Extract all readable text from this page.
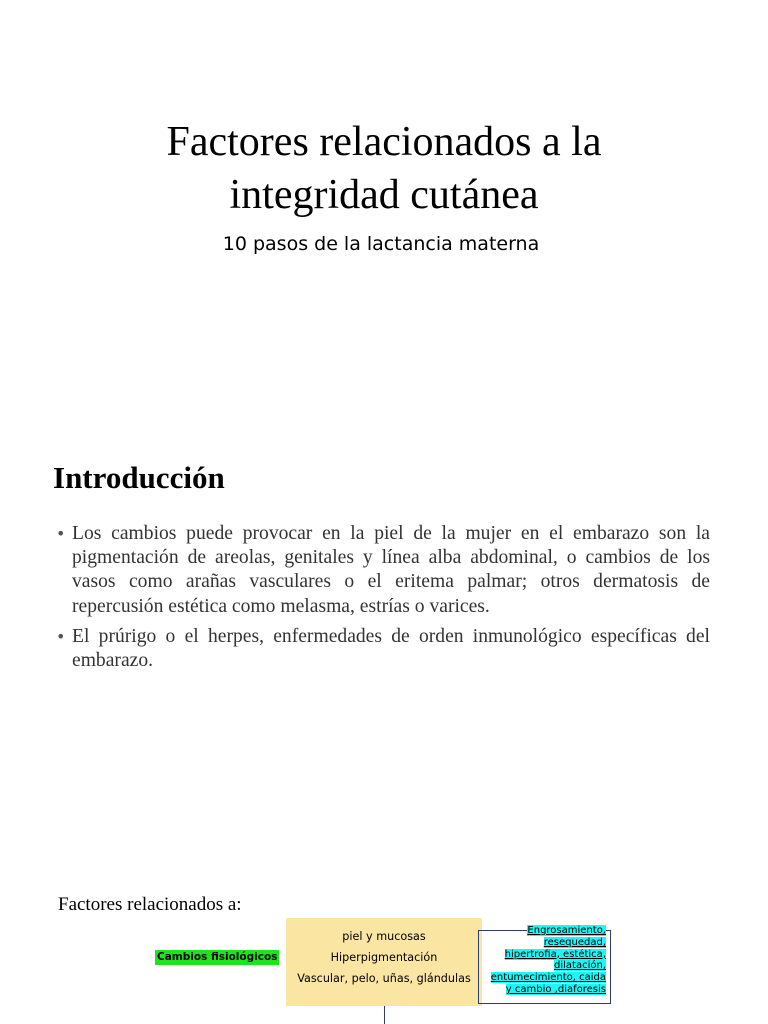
Factores relacionados a la
integridad cutánea
10 pasos de la lactancia materna
Introducción
• Los cambios puede provocar en la piel de la mujer en el embarazo son la pigmentación de areolas, genitales y línea alba abdominal, o cambios de los vasos como arañas vasculares o el eritema palmar; otros dermatosis de repercusión estética como melasma, estrías o varices.
• El prúrigo o el herpes, enfermedades de orden inmunológico específicas del embarazo.
Factores relacionados a:
Cambios fisiológicos
piel y mucosas
Hiperpigmentación
Vascular, pelo, uñas, glándulas
Engrosamiento,
resequedad,
hipertrofia, estética,
dilatación,
entumecimiento, caida
y cambio ,diaforesis
